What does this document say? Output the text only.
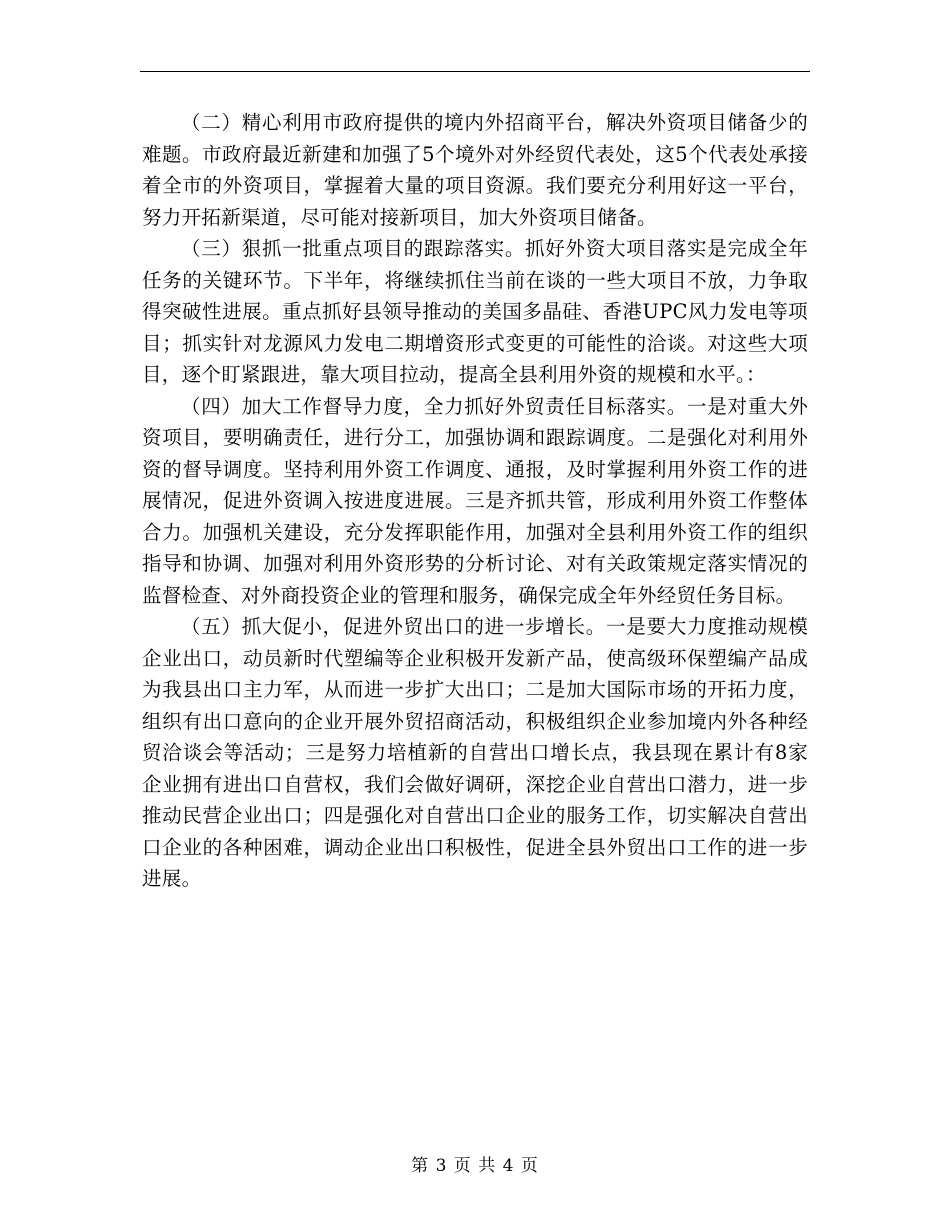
（二）精心利用市政府提供的境内外招商平台，解决外资项目储备少的难题。市政府最近新建和加强了5个境外对外经贸代表处，这5个代表处承接着全市的外资项目，掌握着大量的项目资源。我们要充分利用好这一平台，努力开拓新渠道，尽可能对接新项目，加大外资项目储备。

（三）狠抓一批重点项目的跟踪落实。抓好外资大项目落实是完成全年任务的关键环节。下半年，将继续抓住当前在谈的一些大项目不放，力争取得突破性进展。重点抓好县领导推动的美国多晶硅、香港UPC风力发电等项目；抓实针对龙源风力发电二期增资形式变更的可能性的洽谈。对这些大项目，逐个盯紧跟进，靠大项目拉动，提高全县利用外资的规模和水平。：

（四）加大工作督导力度，全力抓好外贸责任目标落实。一是对重大外资项目，要明确责任，进行分工，加强协调和跟踪调度。二是强化对利用外资的督导调度。坚持利用外资工作调度、通报，及时掌握利用外资工作的进展情况，促进外资调入按进度进展。三是齐抓共管，形成利用外资工作整体合力。加强机关建设，充分发挥职能作用，加强对全县利用外资工作的组织指导和协调、加强对利用外资形势的分析讨论、对有关政策规定落实情况的监督检查、对外商投资企业的管理和服务，确保完成全年外经贸任务目标。

（五）抓大促小，促进外贸出口的进一步增长。一是要大力度推动规模企业出口，动员新时代塑编等企业积极开发新产品，使高级环保塑编产品成为我县出口主力军，从而进一步扩大出口；二是加大国际市场的开拓力度，组织有出口意向的企业开展外贸招商活动，积极组织企业参加境内外各种经贸洽谈会等活动；三是努力培植新的自营出口增长点，我县现在累计有8家企业拥有进出口自营权，我们会做好调研，深挖企业自营出口潜力，进一步推动民营企业出口；四是强化对自营出口企业的服务工作，切实解决自营出口企业的各种困难，调动企业出口积极性，促进全县外贸出口工作的进一步进展。

第 3 页 共 4 页
